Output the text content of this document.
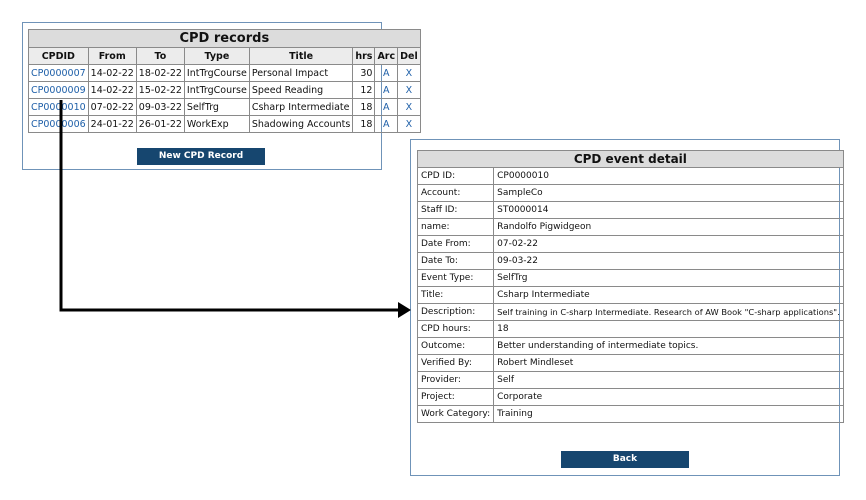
CPD records							
CPDID	From	To	Type	Title	hrs	Arc	Del
CP0000007	14-02-22	18-02-22	IntTrgCourse	Personal Impact	30	A	X
CP0000009	14-02-22	15-02-22	IntTrgCourse	Speed Reading	12	A	X
CP0000010	07-02-22	09-03-22	SelfTrg	Csharp Intermediate	18	A	X
CP0000006	24-01-22	26-01-22	WorkExp	Shadowing Accounts	18	A	X
New CPD Record	CPD event detail	
CPD ID:	CP0000010
Account:	SampleCo
Staff ID:	ST0000014
name:	Randolfo Pigwidgeon
Date From:	07-02-22
Date To:	09-03-22
Event Type:	SelfTrg
Title:	Csharp Intermediate
Description:	Self training in C-sharp Intermediate. Research of AW Book "C-sharp applications".
CPD hours:	18
Outcome:	Better understanding of intermediate topics.
Verified By:	Robert Mindleset
Provider:	Self
Project:	Corporate
Work Category:	Training
Back
